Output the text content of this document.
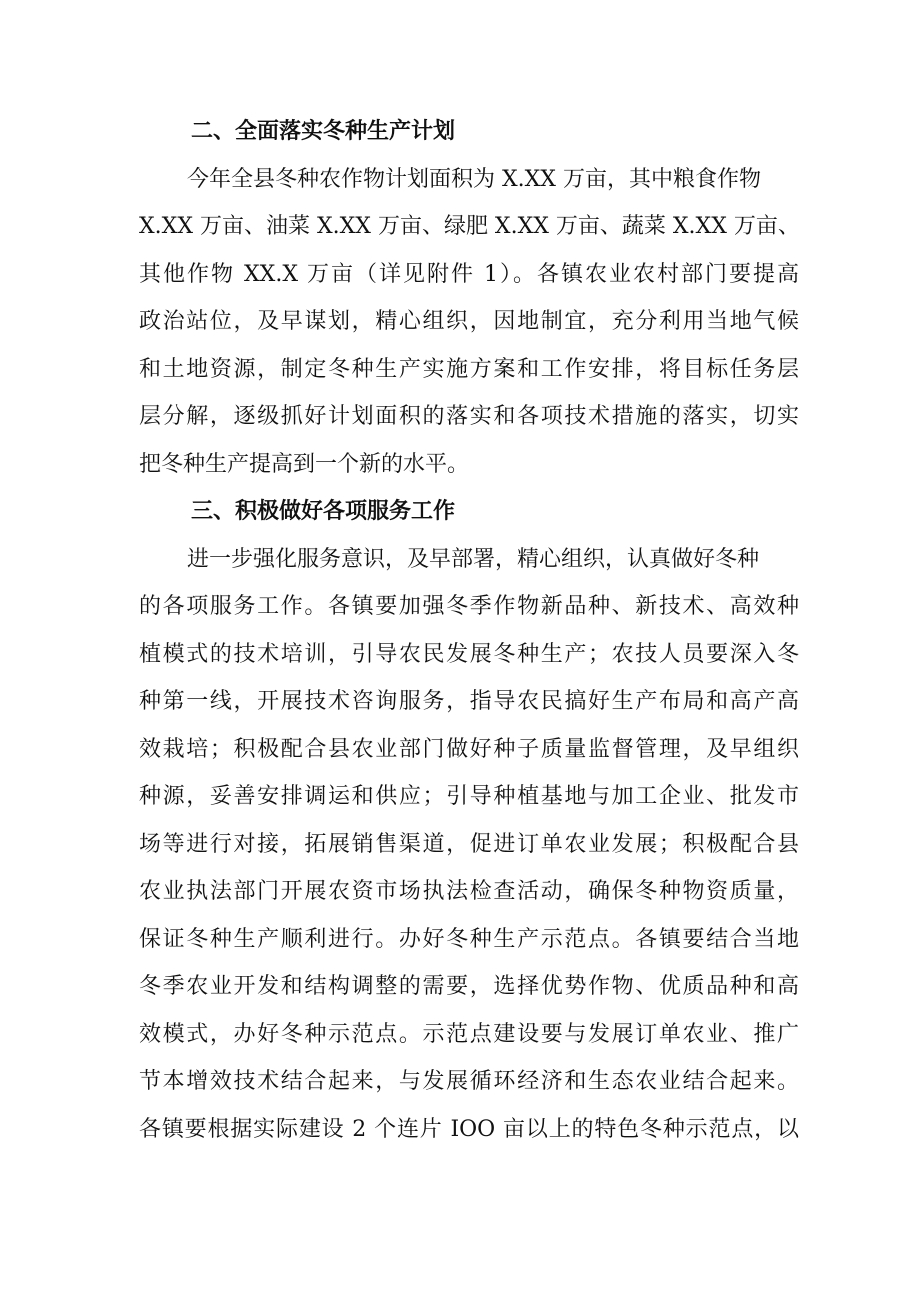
二、全面落实冬种生产计划

今年全县冬种农作物计划面积为 X.XX 万亩，其中粮食作物

X.XX 万亩、油菜 X.XX 万亩、绿肥 X.XX 万亩、蔬菜 X.XX 万亩、

其他作物 XX.X 万亩（详见附件 1）。各镇农业农村部门要提高

政治站位，及早谋划，精心组织，因地制宜，充分利用当地气候

和土地资源，制定冬种生产实施方案和工作安排，将目标任务层

层分解，逐级抓好计划面积的落实和各项技术措施的落实，切实

把冬种生产提高到一个新的水平。

三、积极做好各项服务工作

进一步强化服务意识，及早部署，精心组织，认真做好冬种

的各项服务工作。各镇要加强冬季作物新品种、新技术、高效种

植模式的技术培训，引导农民发展冬种生产；农技人员要深入冬

种第一线，开展技术咨询服务，指导农民搞好生产布局和高产高

效栽培；积极配合县农业部门做好种子质量监督管理，及早组织

种源，妥善安排调运和供应；引导种植基地与加工企业、批发市

场等进行对接，拓展销售渠道，促进订单农业发展；积极配合县

农业执法部门开展农资市场执法检查活动，确保冬种物资质量，

保证冬种生产顺利进行。办好冬种生产示范点。各镇要结合当地

冬季农业开发和结构调整的需要，选择优势作物、优质品种和高

效模式，办好冬种示范点。示范点建设要与发展订单农业、推广

节本增效技术结合起来，与发展循环经济和生态农业结合起来。

各镇要根据实际建设 2 个连片 IOO 亩以上的特色冬种示范点，以
